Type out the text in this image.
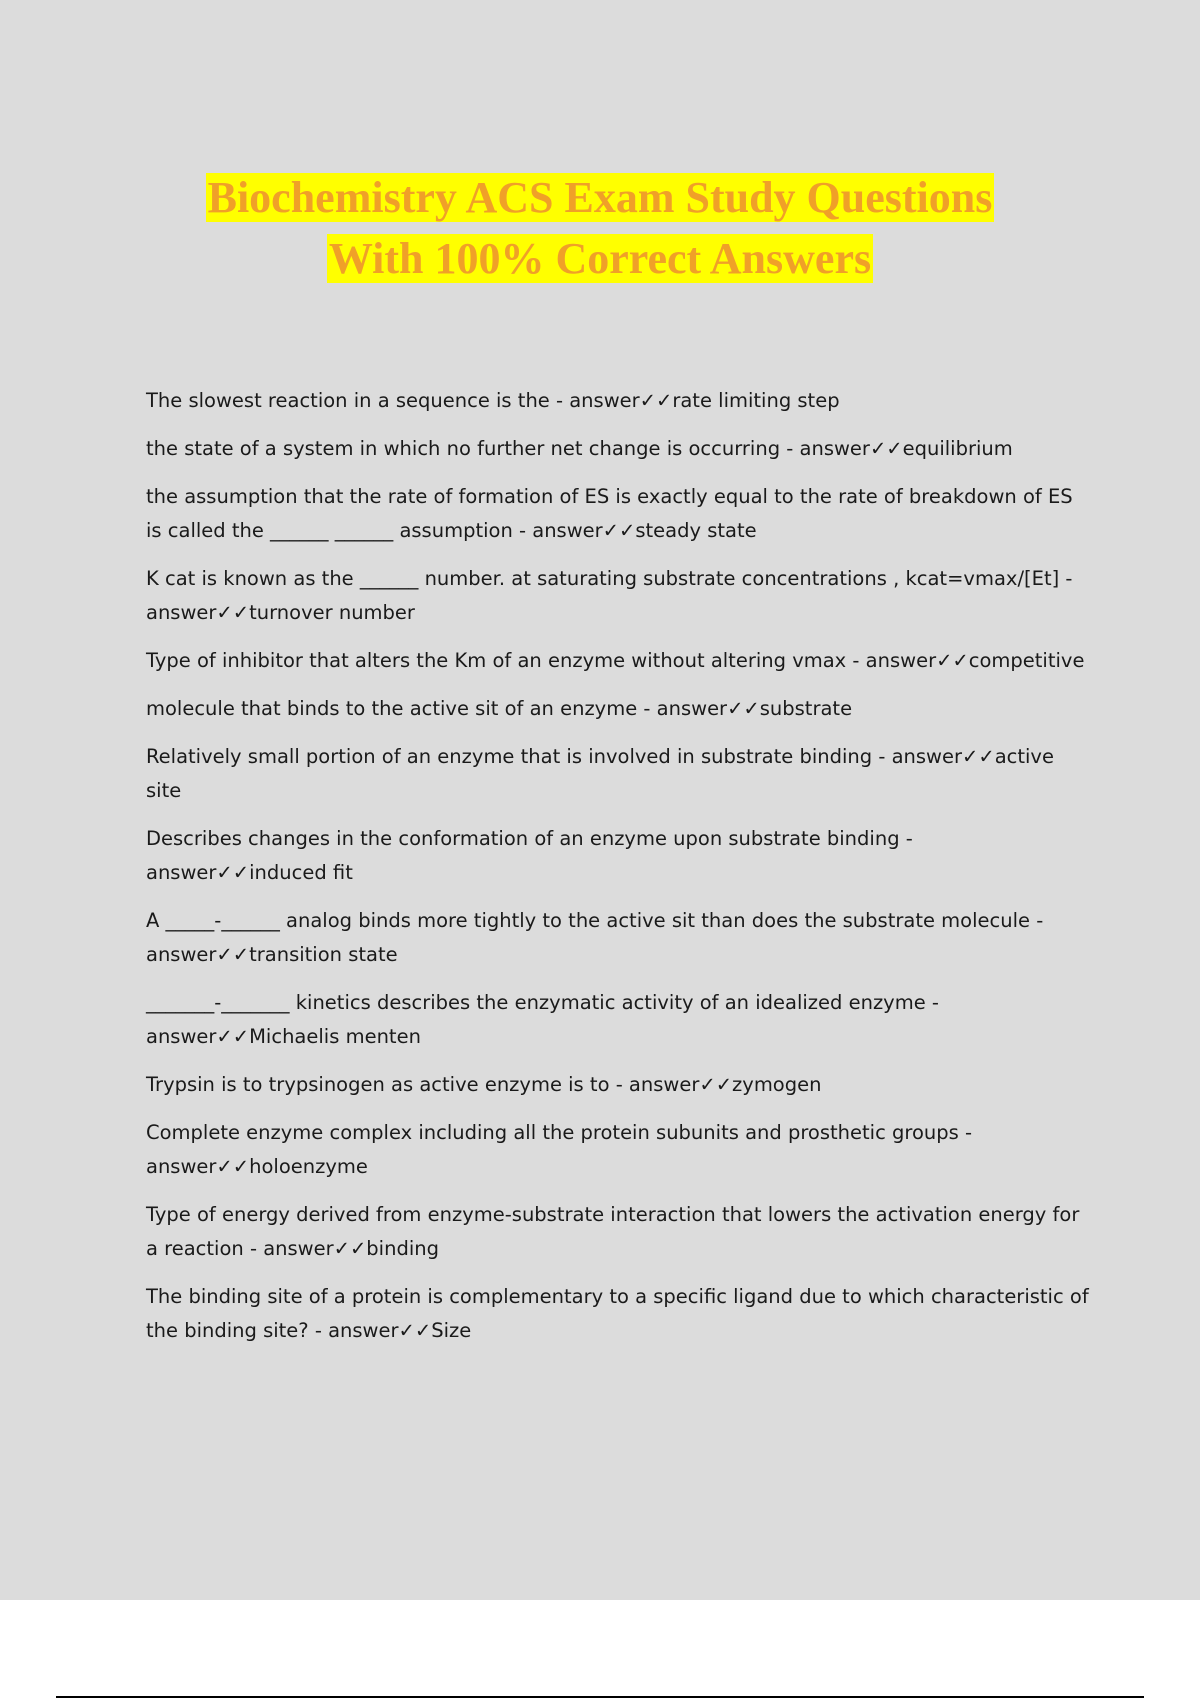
Biochemistry ACS Exam Study Questions
With 100% Correct Answers
The slowest reaction in a sequence is the - answer✓✓rate limiting step
the state of a system in which no further net change is occurring - answer✓✓equilibrium
the assumption that the rate of formation of ES is exactly equal to the rate of breakdown of ES is called the ______ ______ assumption - answer✓✓steady state
K cat is known as the ______ number. at saturating substrate concentrations , kcat=vmax/[Et] - answer✓✓turnover number
Type of inhibitor that alters the Km of an enzyme without altering vmax - answer✓✓competitive
molecule that binds to the active sit of an enzyme - answer✓✓substrate
Relatively small portion of an enzyme that is involved in substrate binding - answer✓✓active site
Describes changes in the conformation of an enzyme upon substrate binding - answer✓✓induced fit
A _____-______ analog binds more tightly to the active sit than does the substrate molecule - answer✓✓transition state
_______-_______ kinetics describes the enzymatic activity of an idealized enzyme - answer✓✓Michaelis menten
Trypsin is to trypsinogen as active enzyme is to - answer✓✓zymogen
Complete enzyme complex including all the protein subunits and prosthetic groups - answer✓✓holoenzyme
Type of energy derived from enzyme-substrate interaction that lowers the activation energy for a reaction - answer✓✓binding
The binding site of a protein is complementary to a specific ligand due to which characteristic of the binding site? - answer✓✓Size
